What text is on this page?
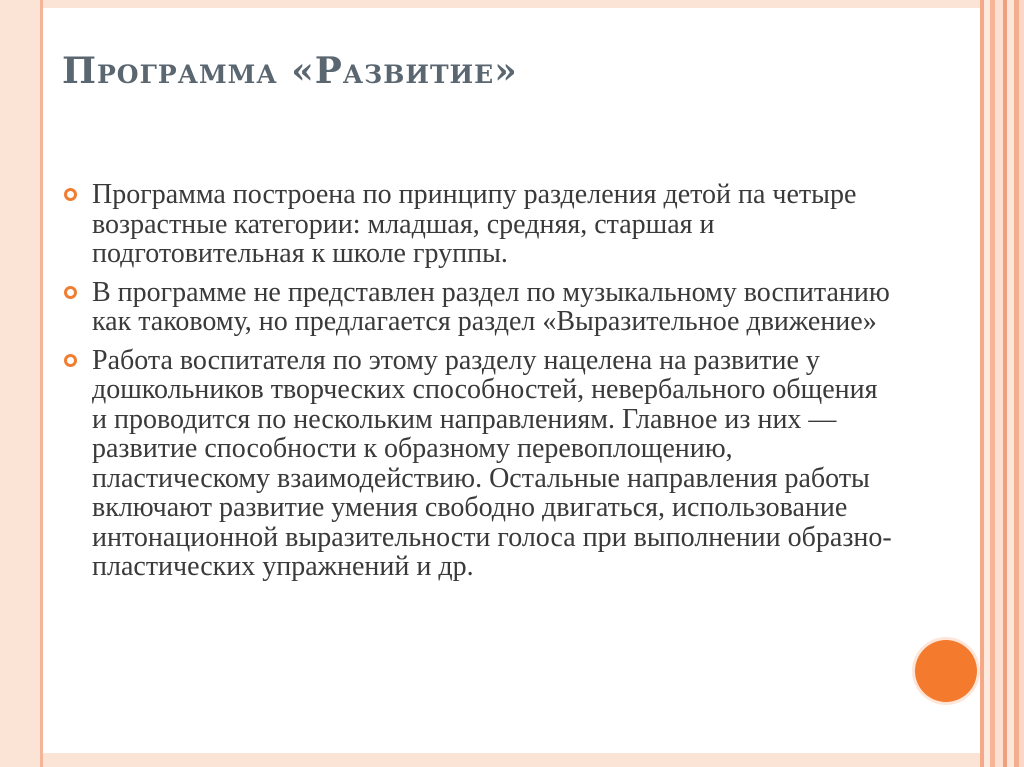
Программа «Развитие»
Программа построена по принципу разделения детой па четыре возрастные категории: младшая, средняя, старшая и подготовительная к школе группы.
В программе не представлен раздел по музыкальному воспитанию как таковому, но предлагается раздел «Выразительное движение»
Работа воспитателя по этому разделу нацелена на развитие у дошкольников творческих способностей, невербального общения и проводится по нескольким направлениям. Главное из них — развитие способности к образному перевоплощению, пластическому взаимодействию. Остальные направления работы включают развитие умения свободно двигаться, использование интонационной выразительности голоса при выполнении образно-пластических упражнений и др.
